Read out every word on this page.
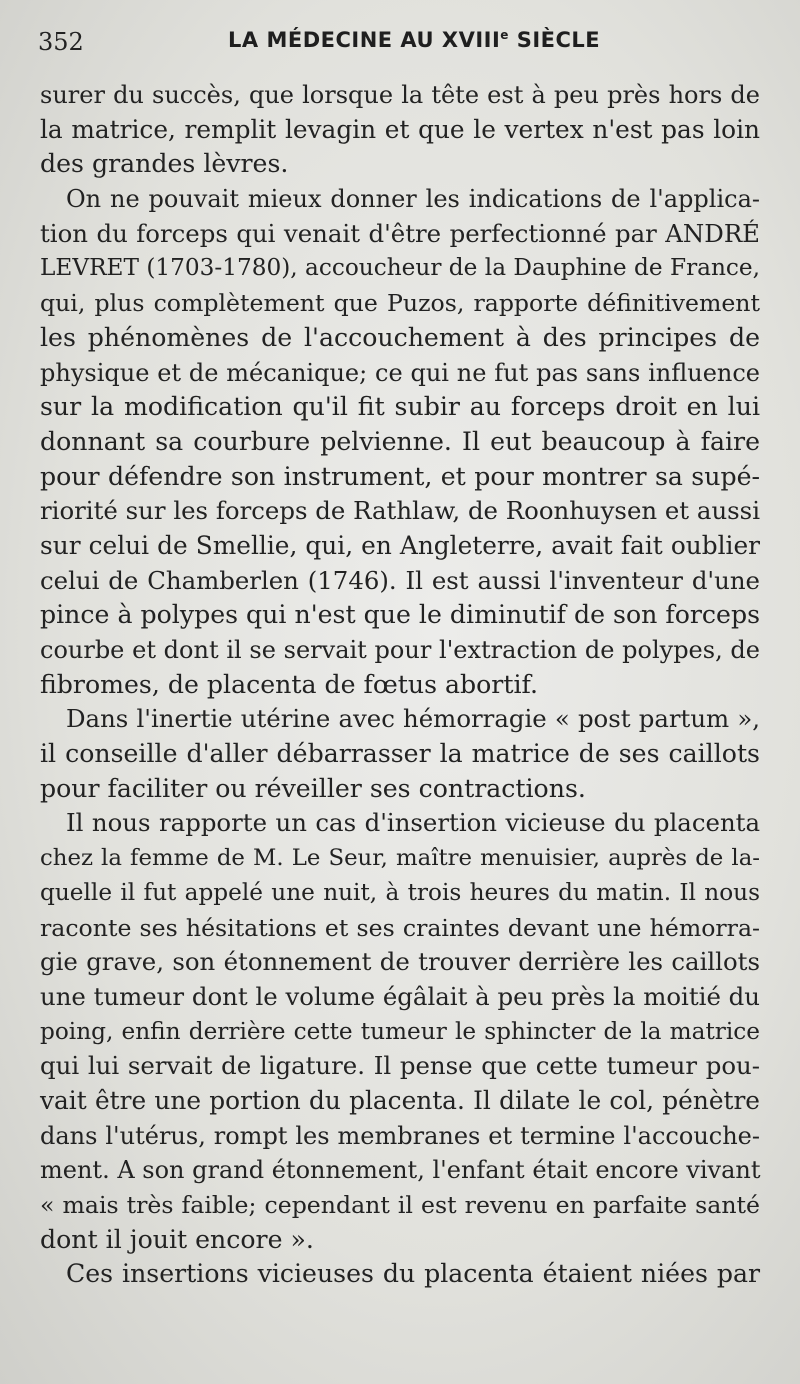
352	LA MÉDECINE AU XVIIIe SIÈCLE
surer du succès, que lorsque la tête est à peu près hors de
la matrice, remplit levagin et que le vertex n'est pas loin
des grandes lèvres.
On ne pouvait mieux donner les indications de l'applica-
tion du forceps qui venait d'être perfectionné par ANDRÉ
LEVRET (1703-1780), accoucheur de la Dauphine de France,
qui, plus complètement que Puzos, rapporte définitivement
les phénomènes de l'accouchement à des principes de
physique et de mécanique; ce qui ne fut pas sans influence
sur la modification qu'il fit subir au forceps droit en lui
donnant sa courbure pelvienne. Il eut beaucoup à faire
pour défendre son instrument, et pour montrer sa supé-
riorité sur les forceps de Rathlaw, de Roonhuysen et aussi
sur celui de Smellie, qui, en Angleterre, avait fait oublier
celui de Chamberlen (1746). Il est aussi l'inventeur d'une
pince à polypes qui n'est que le diminutif de son forceps
courbe et dont il se servait pour l'extraction de polypes, de
fibromes, de placenta de fœtus abortif.
Dans l'inertie utérine avec hémorragie « post partum »,
il conseille d'aller débarrasser la matrice de ses caillots
pour faciliter ou réveiller ses contractions.
Il nous rapporte un cas d'insertion vicieuse du placenta
chez la femme de M. Le Seur, maître menuisier, auprès de la-
quelle il fut appelé une nuit, à trois heures du matin. Il nous
raconte ses hésitations et ses craintes devant une hémorra-
gie grave, son étonnement de trouver derrière les caillots
une tumeur dont le volume égâlait à peu près la moitié du
poing, enfin derrière cette tumeur le sphincter de la matrice
qui lui servait de ligature. Il pense que cette tumeur pou-
vait être une portion du placenta. Il dilate le col, pénètre
dans l'utérus, rompt les membranes et termine l'accouche-
ment. A son grand étonnement, l'enfant était encore vivant
« mais très faible; cependant il est revenu en parfaite santé
dont il jouit encore ».
Ces insertions vicieuses du placenta étaient niées par
